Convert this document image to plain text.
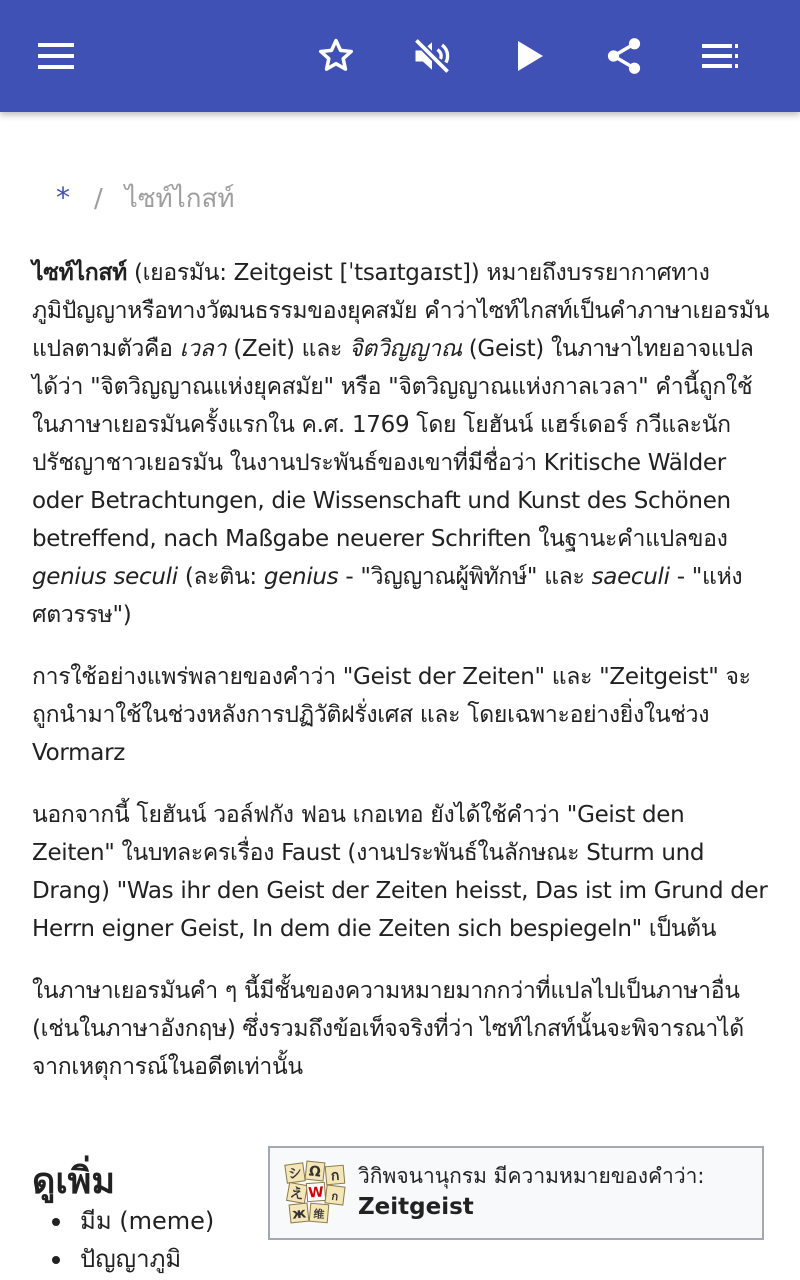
* / ไซท์ไกสท์

ไซท์ไกสท์ (เยอรมัน: Zeitgeist [ˈtsaɪtgaɪst]) หมายถึงบรรยากาศทางภูมิปัญญาหรือทางวัฒนธรรมของยุคสมัย คำว่าไซท์ไกสท์เป็นคำภาษาเยอรมัน แปลตามตัวคือ เวลา (Zeit) และ จิตวิญญาณ (Geist) ในภาษาไทยอาจแปลได้ว่า "จิตวิญญาณแห่งยุคสมัย" หรือ "จิตวิญญาณแห่งกาลเวลา" คำนี้ถูกใช้ในภาษาเยอรมันครั้งแรกใน ค.ศ. 1769 โดย โยฮันน์ แฮร์เดอร์ กวีและนักปรัชญาชาวเยอรมัน ในงานประพันธ์ของเขาที่มีชื่อว่า Kritische Wälder oder Betrachtungen, die Wissenschaft und Kunst des Schönen betreffend, nach Maßgabe neuerer Schriften ในฐานะคำแปลของ genius seculi (ละติน: genius - "วิญญาณผู้พิทักษ์" และ saeculi - "แห่งศตวรรษ")

การใช้อย่างแพร่พลายของคำว่า "Geist der Zeiten" และ "Zeitgeist" จะถูกนำมาใช้ในช่วงหลังการปฏิวัติฝรั่งเศส และ โดยเฉพาะอย่างยิ่งในช่วง Vormarz

นอกจากนี้ โยฮันน์ วอล์ฟกัง ฟอน เกอเทอ ยังได้ใช้คำว่า "Geist den Zeiten" ในบทละครเรื่อง Faust (งานประพันธ์ในลักษณะ Sturm und Drang) "Was ihr den Geist der Zeiten heisst, Das ist im Grund der Herrn eigner Geist, In dem die Zeiten sich bespiegeln" เป็นต้น

ในภาษาเยอรมันคำ ๆ นี้มีชั้นของความหมายมากกว่าที่แปลไปเป็นภาษาอื่น (เช่นในภาษาอังกฤษ) ซึ่งรวมถึงข้อเท็จจริงที่ว่า ไซท์ไกสท์นั้นจะพิจารณาได้จากเหตุการณ์ในอดีตเท่านั้น

ดูเพิ่ม
มีม (meme)
ปัญญาภูมิ
シ Ω ก
え W ก
ж 维
วิกิพจนานุกรม มีความหมายของคำว่า:
Zeitgeist
